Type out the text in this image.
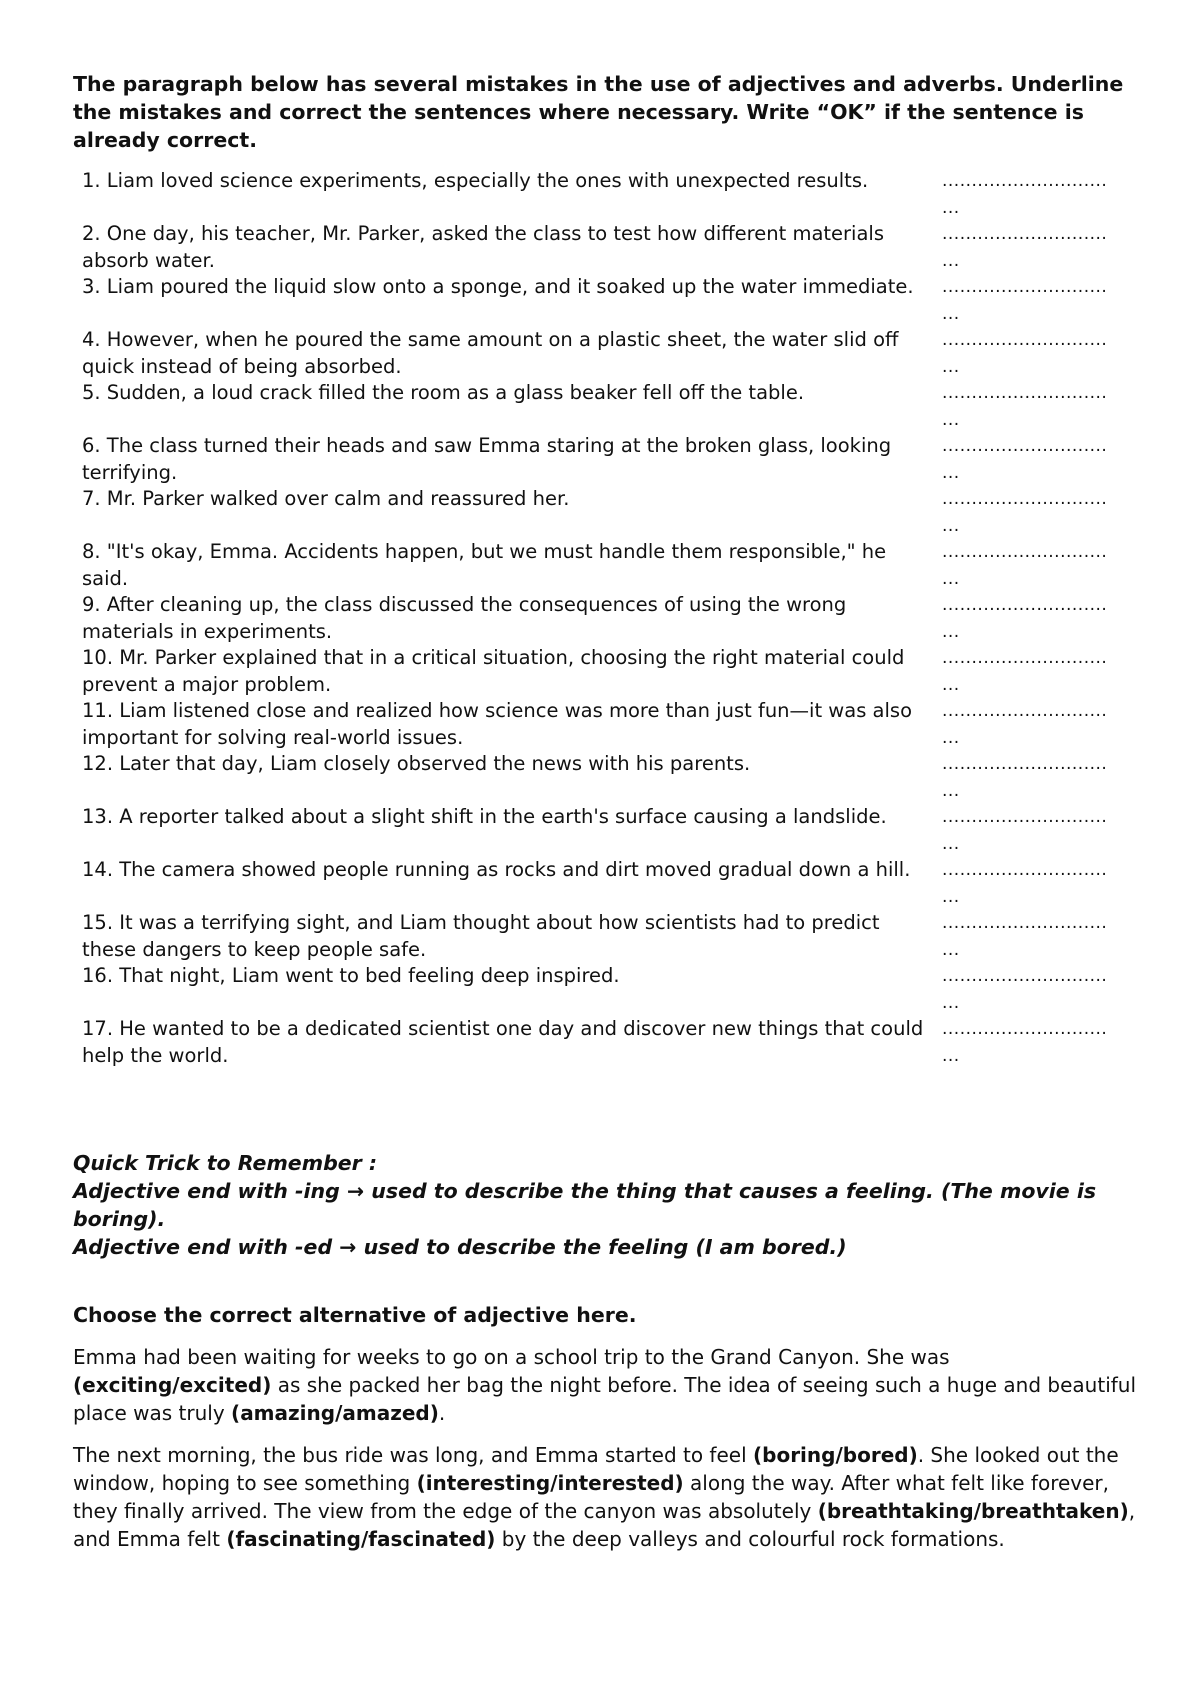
The paragraph below has several mistakes in the use of adjectives and adverbs. Underline the mistakes and correct the sentences where necessary. Write “OK” if the sentence is already correct.

1. Liam loved science experiments, especially the ones with unexpected results.	............................
...
2. One day, his teacher, Mr. Parker, asked the class to test how different materials absorb water.
............................
...
3. Liam poured the liquid slow onto a sponge, and it soaked up the water immediate.	............................
...
4. However, when he poured the same amount on a plastic sheet, the water slid off quick instead of being absorbed.
............................
...
5. Sudden, a loud crack filled the room as a glass beaker fell off the table.	............................
...
6. The class turned their heads and saw Emma staring at the broken glass, looking terrifying.
............................
...
7. Mr. Parker walked over calm and reassured her.	............................
...
8. "It's okay, Emma. Accidents happen, but we must handle them responsible," he said.
............................
...
9. After cleaning up, the class discussed the consequences of using the wrong materials in experiments.
............................
...
10. Mr. Parker explained that in a critical situation, choosing the right material could prevent a major problem.
............................
...
11. Liam listened close and realized how science was more than just fun—it was also important for solving real-world issues.
............................
...
12. Later that day, Liam closely observed the news with his parents.	............................
...
13. A reporter talked about a slight shift in the earth's surface causing a landslide.	............................
...
14. The camera showed people running as rocks and dirt moved gradual down a hill.	............................
...
15. It was a terrifying sight, and Liam thought about how scientists had to predict these dangers to keep people safe.
............................
...
16. That night, Liam went to bed feeling deep inspired.	............................
...
17. He wanted to be a dedicated scientist one day and discover new things that could help the world.
............................
...

Quick Trick to Remember :

Adjective end with -ing → used to describe the thing that causes a feeling. (The movie is boring).

Adjective end with -ed → used to describe the feeling (I am bored.)

Choose the correct alternative of adjective here.

Emma had been waiting for weeks to go on a school trip to the Grand Canyon. She was (exciting/excited) as she packed her bag the night before. The idea of seeing such a huge and beautiful place was truly (amazing/amazed).

The next morning, the bus ride was long, and Emma started to feel (boring/bored). She looked out the window, hoping to see something (interesting/interested) along the way. After what felt like forever, they finally arrived. The view from the edge of the canyon was absolutely (breathtaking/breathtaken), and Emma felt (fascinating/fascinated) by the deep valleys and colourful rock formations.
